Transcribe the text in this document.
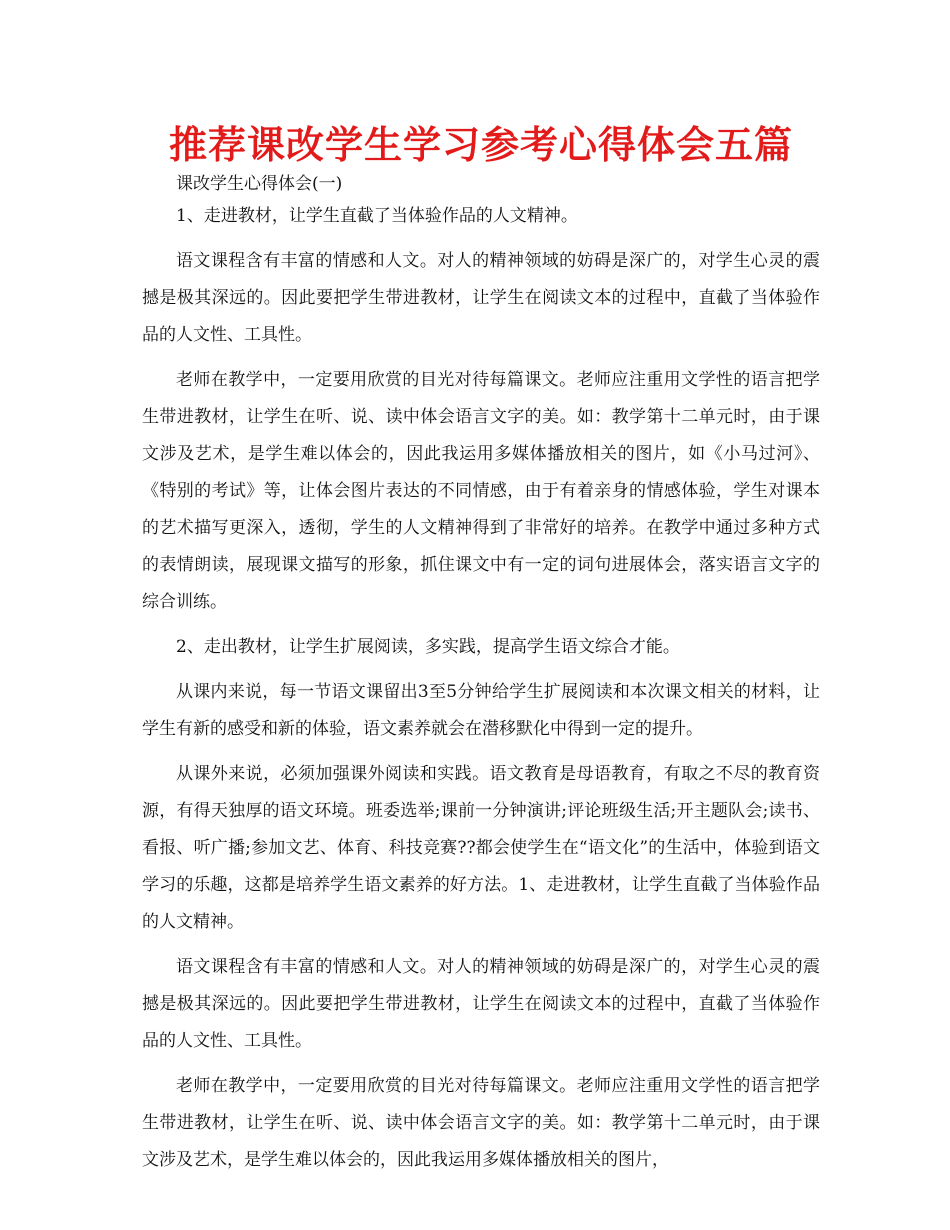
推荐课改学生学习参考心得体会五篇
课改学生心得体会(一)

1、走进教材，让学生直截了当体验作品的人文精神。

语文课程含有丰富的情感和人文。对人的精神领域的妨碍是深广的，对学生心灵的震撼是极其深远的。因此要把学生带进教材，让学生在阅读文本的过程中，直截了当体验作品的人文性、工具性。

老师在教学中，一定要用欣赏的目光对待每篇课文。老师应注重用文学性的语言把学生带进教材，让学生在听、说、读中体会语言文字的美。如：教学第十二单元时，由于课文涉及艺术，是学生难以体会的，因此我运用多媒体播放相关的图片，如《小马过河》、《特别的考试》等，让体会图片表达的不同情感，由于有着亲身的情感体验，学生对课本的艺术描写更深入，透彻，学生的人文精神得到了非常好的培养。在教学中通过多种方式的表情朗读，展现课文描写的形象，抓住课文中有一定的词句进展体会，落实语言文字的综合训练。

2、走出教材，让学生扩展阅读，多实践，提高学生语文综合才能。

从课内来说，每一节语文课留出3至5分钟给学生扩展阅读和本次课文相关的材料，让学生有新的感受和新的体验，语文素养就会在潜移默化中得到一定的提升。

从课外来说，必须加强课外阅读和实践。语文教育是母语教育，有取之不尽的教育资源，有得天独厚的语文环境。班委选举;课前一分钟演讲;评论班级生活;开主题队会;读书、看报、听广播;参加文艺、体育、科技竞赛??都会使学生在“语文化”的生活中，体验到语文学习的乐趣，这都是培养学生语文素养的好方法。1、走进教材，让学生直截了当体验作品的人文精神。

语文课程含有丰富的情感和人文。对人的精神领域的妨碍是深广的，对学生心灵的震撼是极其深远的。因此要把学生带进教材，让学生在阅读文本的过程中，直截了当体验作品的人文性、工具性。

老师在教学中，一定要用欣赏的目光对待每篇课文。老师应注重用文学性的语言把学生带进教材，让学生在听、说、读中体会语言文字的美。如：教学第十二单元时，由于课文涉及艺术，是学生难以体会的，因此我运用多媒体播放相关的图片，
